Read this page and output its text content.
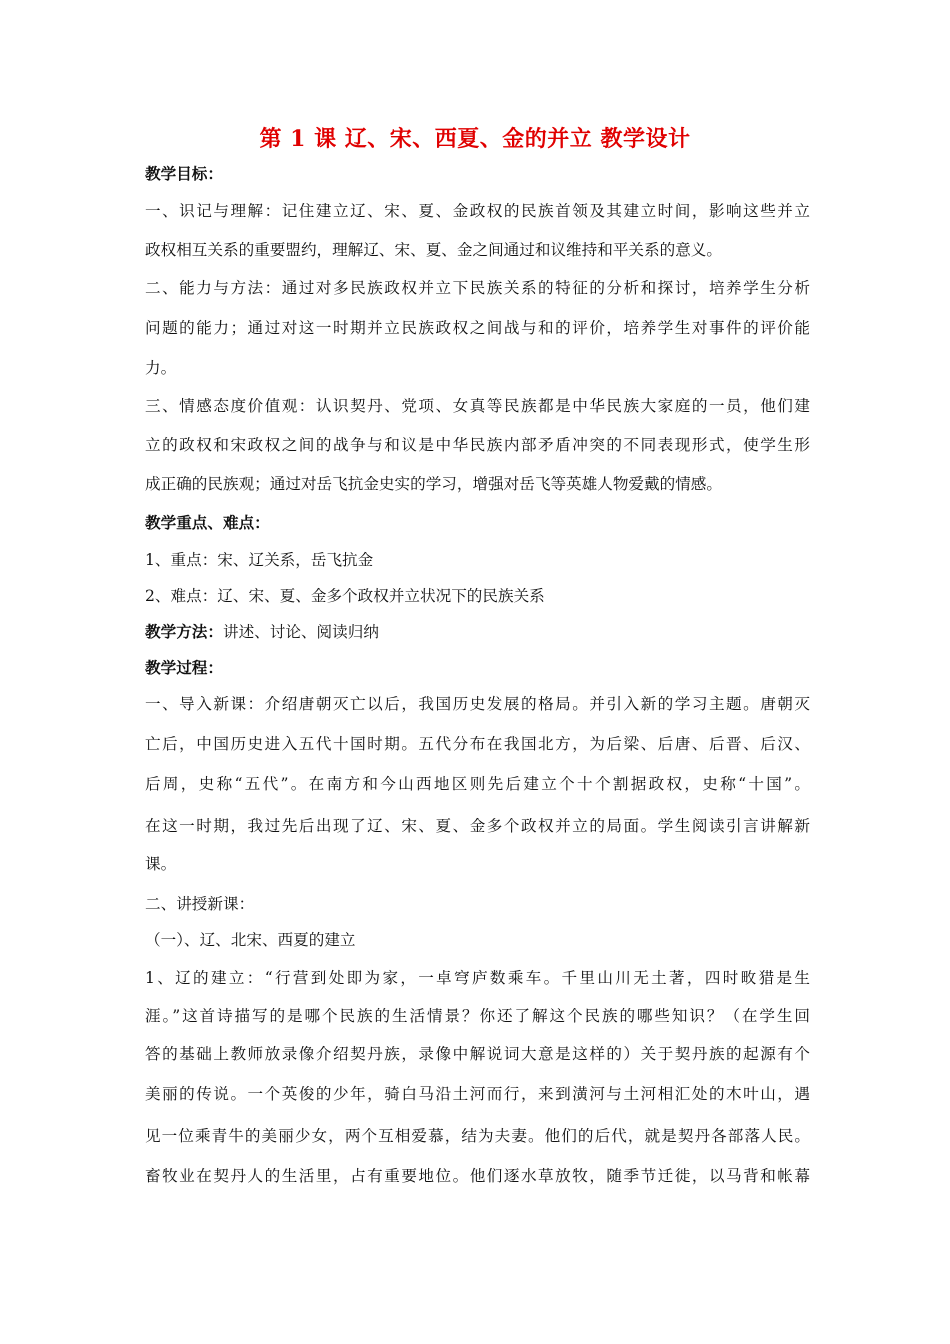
第 1 课 辽、宋、西夏、金的并立 教学设计
教学目标：
一、识记与理解：记住建立辽、宋、夏、金政权的民族首领及其建立时间，影响这些并立
政权相互关系的重要盟约，理解辽、宋、夏、金之间通过和议维持和平关系的意义。
二、能力与方法：通过对多民族政权并立下民族关系的特征的分析和探讨，培养学生分析
问题的能力；通过对这一时期并立民族政权之间战与和的评价，培养学生对事件的评价能
力。
三、情感态度价值观：认识契丹、党项、女真等民族都是中华民族大家庭的一员，他们建
立的政权和宋政权之间的战争与和议是中华民族内部矛盾冲突的不同表现形式，使学生形
成正确的民族观；通过对岳飞抗金史实的学习，增强对岳飞等英雄人物爱戴的情感。
教学重点、难点：
1、重点：宋、辽关系，岳飞抗金
2、难点：辽、宋、夏、金多个政权并立状况下的民族关系
教学方法：讲述、讨论、阅读归纳
教学过程：
一、导入新课：介绍唐朝灭亡以后，我国历史发展的格局。并引入新的学习主题。唐朝灭
亡后，中国历史进入五代十国时期。五代分布在我国北方，为后梁、后唐、后晋、后汉、
后周，史称“五代”。在南方和今山西地区则先后建立个十个割据政权，史称“十国”。
在这一时期，我过先后出现了辽、宋、夏、金多个政权并立的局面。学生阅读引言讲解新
课。
二、讲授新课：
（一）、辽、北宋、西夏的建立
1、辽的建立：“行营到处即为家，一卓穹庐数乘车。千里山川无土著，四时畋猎是生
涯。”这首诗描写的是哪个民族的生活情景？你还了解这个民族的哪些知识？（在学生回
答的基础上教师放录像介绍契丹族，录像中解说词大意是这样的）关于契丹族的起源有个
美丽的传说。一个英俊的少年，骑白马沿土河而行，来到潢河与土河相汇处的木叶山，遇
见一位乘青牛的美丽少女，两个互相爱慕，结为夫妻。他们的后代，就是契丹各部落人民。
畜牧业在契丹人的生活里，占有重要地位。他们逐水草放牧，随季节迁徙，以马背和帐幕
